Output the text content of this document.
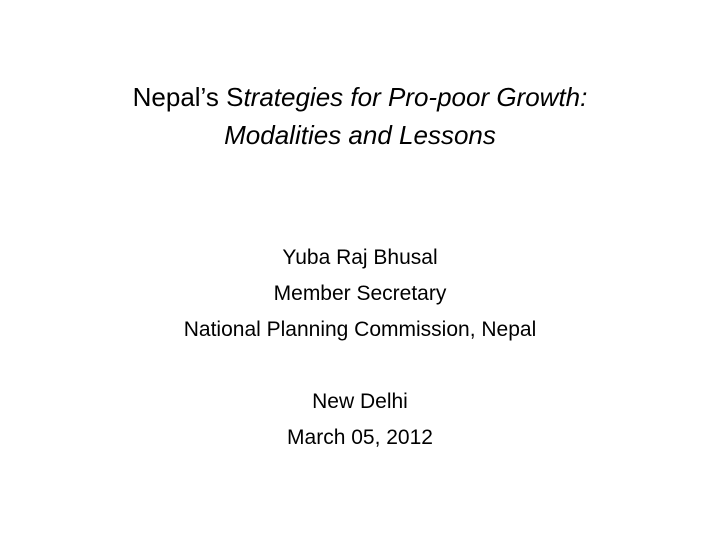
Nepal’s Strategies for Pro-poor Growth:
Modalities and Lessons
Yuba Raj Bhusal
Member Secretary
National Planning Commission, Nepal
New Delhi
March 05, 2012
